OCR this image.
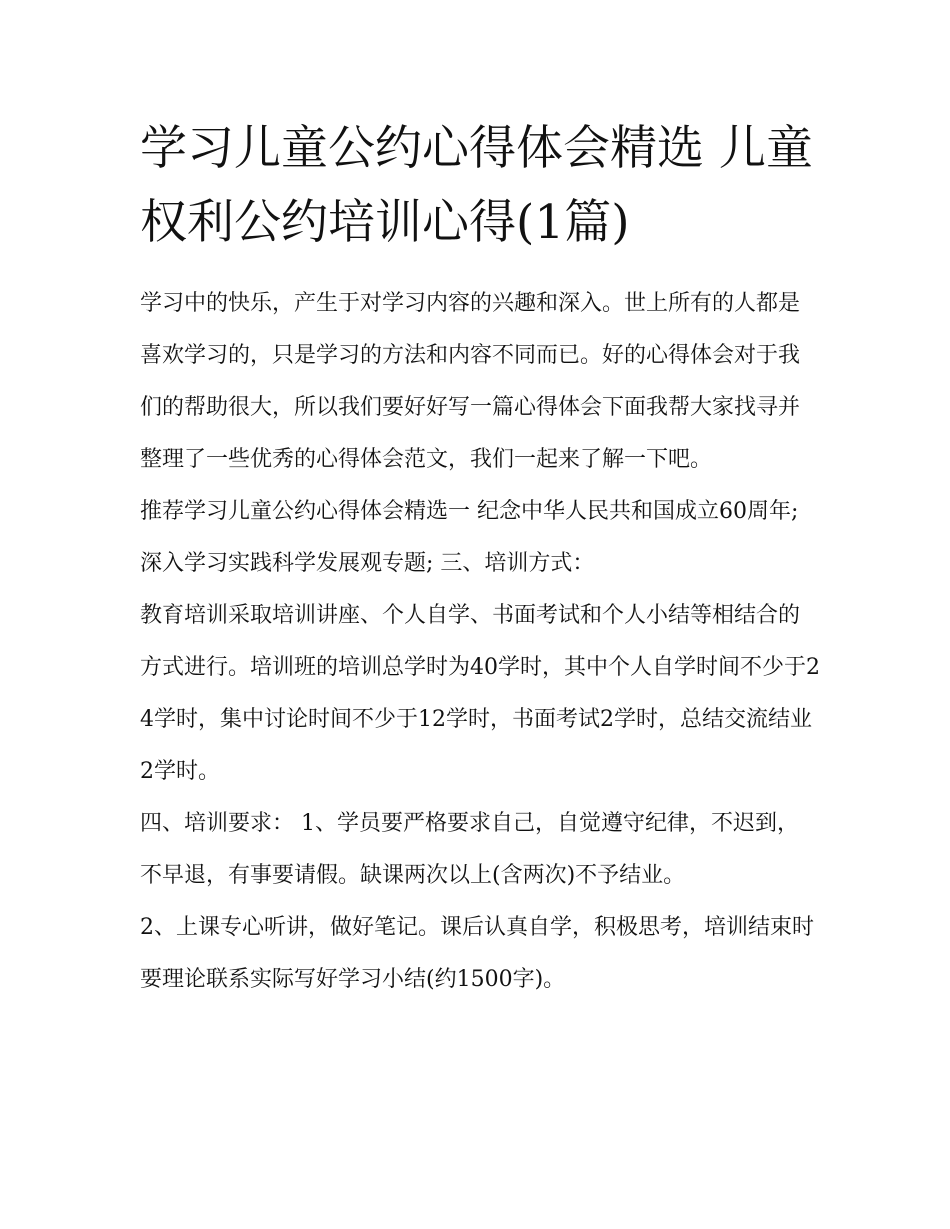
学习儿童公约心得体会精选 儿童权利公约培训心得(1篇)

学习中的快乐，产生于对学习内容的兴趣和深入。世上所有的人都是喜欢学习的，只是学习的方法和内容不同而已。好的心得体会对于我们的帮助很大，所以我们要好好写一篇心得体会下面我帮大家找寻并整理了一些优秀的心得体会范文，我们一起来了解一下吧。

推荐学习儿童公约心得体会精选一 纪念中华人民共和国成立60周年; 深入学习实践科学发展观专题; 三、培训方式：

教育培训采取培训讲座、个人自学、书面考试和个人小结等相结合的方式进行。培训班的培训总学时为40学时，其中个人自学时间不少于24学时，集中讨论时间不少于12学时，书面考试2学时，总结交流结业2学时。

四、培训要求： 1、学员要严格要求自己，自觉遵守纪律，不迟到，不早退，有事要请假。缺课两次以上(含两次)不予结业。

2、上课专心听讲，做好笔记。课后认真自学，积极思考，培训结束时要理论联系实际写好学习小结(约1500字)。
